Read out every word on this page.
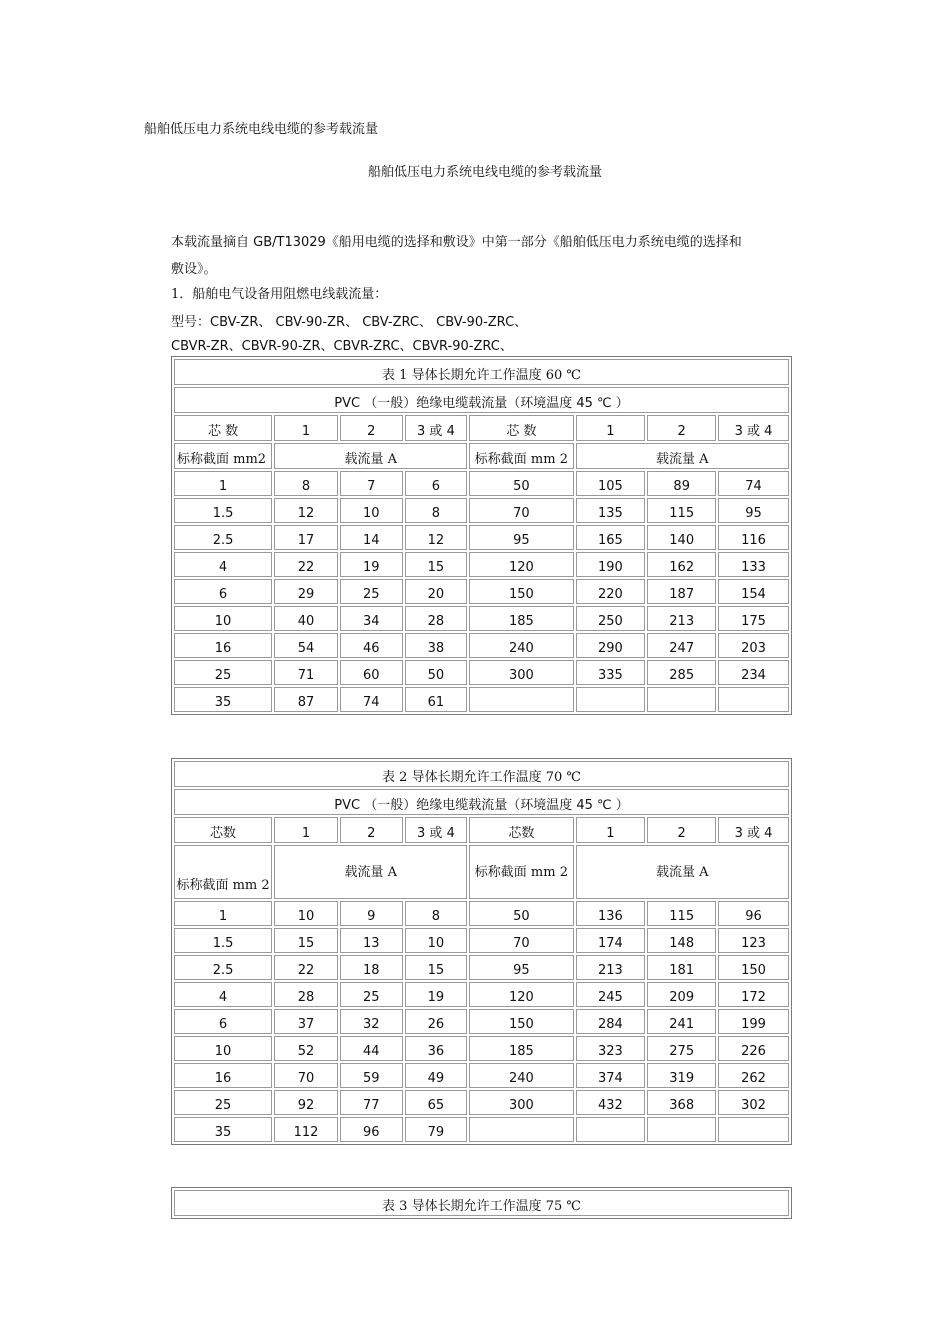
船舶低压电力系统电线电缆的参考载流量
船舶低压电力系统电线电缆的参考载流量
本载流量摘自 GB/T13029《船用电缆的选择和敷设》中第一部分《船舶低压电力系统电缆的选择和
敷设》。
1．船舶电气设备用阻燃电线载流量：
型号：CBV-ZR、 CBV-90-ZR、 CBV-ZRC、 CBV-90-ZRC、
CBVR-ZR、CBVR-90-ZR、CBVR-ZRC、CBVR-90-ZRC、
表 1 导体长期允许工作温度 60 ℃							
PVC （一般）绝缘电缆载流量（环境温度 45 ℃ ）							
芯 数	1	2	3 或 4	芯 数	1	2	3 或 4
标称截面 mm2	载流量 A			标称截面 mm 2	载流量 A		
1	8	7	6	50	105	89	74
1.5	12	10	8	70	135	115	95
2.5	17	14	12	95	165	140	116
4	22	19	15	120	190	162	133
6	29	25	20	150	220	187	154
10	40	34	28	185	250	213	175
16	54	46	38	240	290	247	203
25	71	60	50	300	335	285	234
35	87	74	61				
表 2 导体长期允许工作温度 70 ℃							
PVC （一般）绝缘电缆载流量（环境温度 45 ℃ ）							
芯数	1	2	3 或 4	芯数	1	2	3 或 4
标称截面 mm 2	载流量 A			标称截面 mm 2	载流量 A		
1	10	9	8	50	136	115	96
1.5	15	13	10	70	174	148	123
2.5	22	18	15	95	213	181	150
4	28	25	19	120	245	209	172
6	37	32	26	150	284	241	199
10	52	44	36	185	323	275	226
16	70	59	49	240	374	319	262
25	92	77	65	300	432	368	302
35	112	96	79				
表 3 导体长期允许工作温度 75 ℃
